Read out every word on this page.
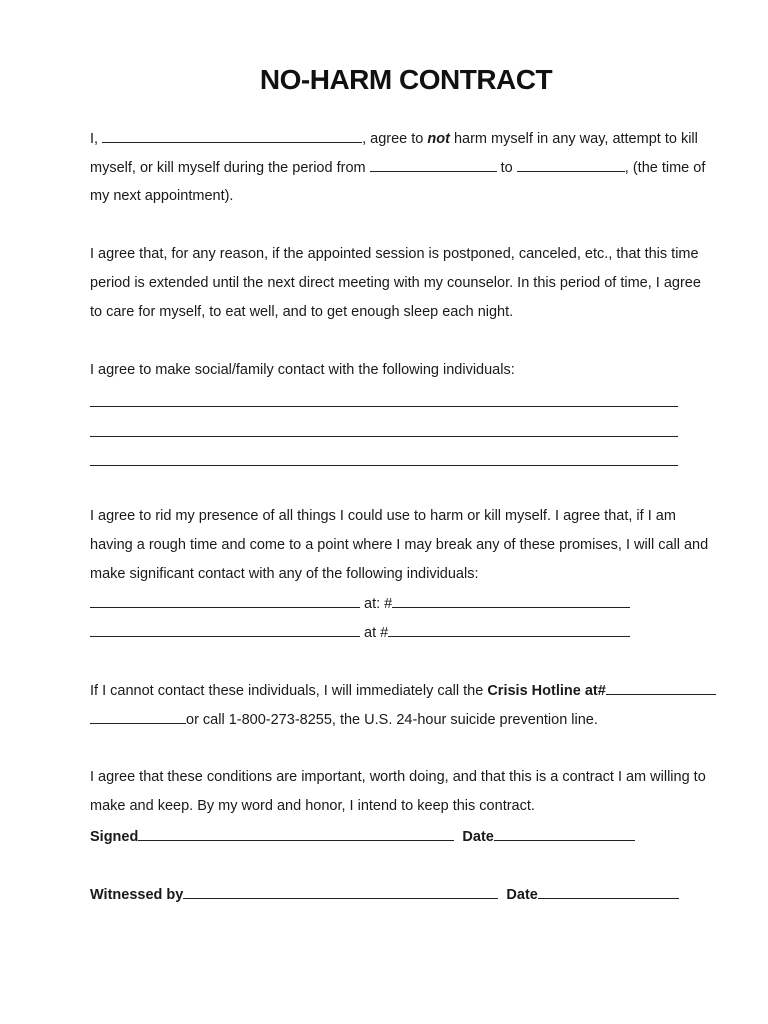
NO-HARM CONTRACT
I,	, agree to not harm myself in any way, attempt to kill
myself, or kill myself during the period from	to	, (the time of
my next appointment).
I agree that, for any reason, if the appointed session is postponed, canceled, etc., that this time
period is extended until the next direct meeting with my counselor. In this period of time, I agree
to care for myself, to eat well, and to get enough sleep each night.
I agree to make social/family contact with the following individuals:
I agree to rid my presence of all things I could use to harm or kill myself. I agree that, if I am
having a rough time and come to a point where I may break any of these promises, I will call and
make significant contact with any of the following individuals:
at: #
at #
If I cannot contact these individuals, I will immediately call the Crisis Hotline at#
or call 1-800-273-8255, the U.S. 24-hour suicide prevention line.
I agree that these conditions are important, worth doing, and that this is a contract I am willing to
make and keep. By my word and honor, I intend to keep this contract.
Signed	Date
Witnessed by	Date
